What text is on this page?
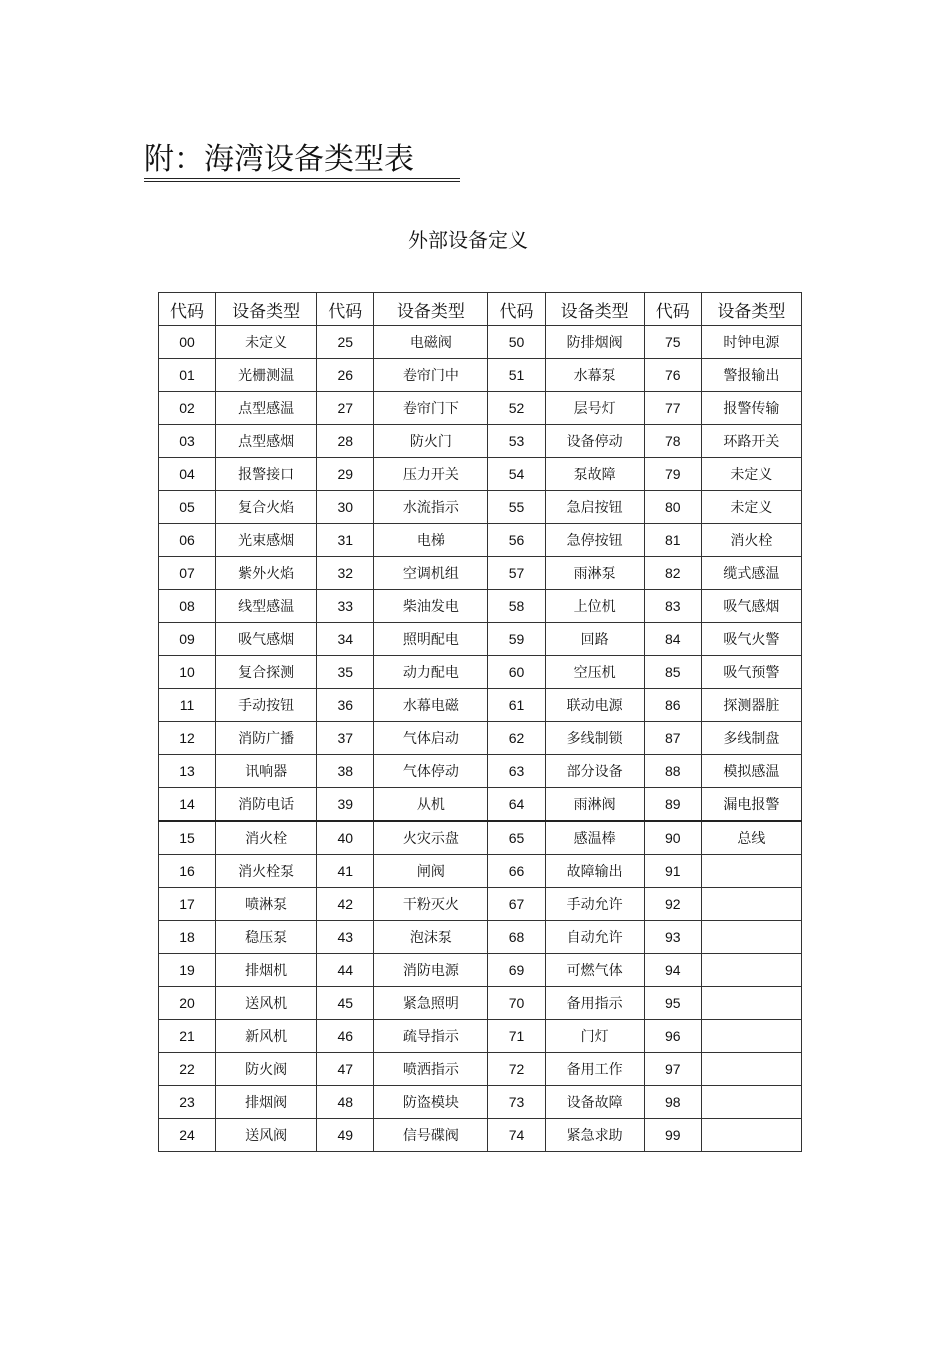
附：海湾设备类型表
外部设备定义
代码	设备类型	代码	设备类型	代码	设备类型	代码	设备类型
00	未定义	25	电磁阀	50	防排烟阀	75	时钟电源
01	光栅测温	26	卷帘门中	51	水幕泵	76	警报输出
02	点型感温	27	卷帘门下	52	层号灯	77	报警传输
03	点型感烟	28	防火门	53	设备停动	78	环路开关
04	报警接口	29	压力开关	54	泵故障	79	未定义
05	复合火焰	30	水流指示	55	急启按钮	80	未定义
06	光束感烟	31	电梯	56	急停按钮	81	消火栓
07	紫外火焰	32	空调机组	57	雨淋泵	82	缆式感温
08	线型感温	33	柴油发电	58	上位机	83	吸气感烟
09	吸气感烟	34	照明配电	59	回路	84	吸气火警
10	复合探测	35	动力配电	60	空压机	85	吸气预警
11	手动按钮	36	水幕电磁	61	联动电源	86	探测器脏
12	消防广播	37	气体启动	62	多线制锁	87	多线制盘
13	讯响器	38	气体停动	63	部分设备	88	模拟感温
14	消防电话	39	从机	64	雨淋阀	89	漏电报警
15	消火栓	40	火灾示盘	65	感温棒	90	总线
16	消火栓泵	41	闸阀	66	故障输出	91	
17	喷淋泵	42	干粉灭火	67	手动允许	92	
18	稳压泵	43	泡沫泵	68	自动允许	93	
19	排烟机	44	消防电源	69	可燃气体	94	
20	送风机	45	紧急照明	70	备用指示	95	
21	新风机	46	疏导指示	71	门灯	96	
22	防火阀	47	喷洒指示	72	备用工作	97	
23	排烟阀	48	防盗模块	73	设备故障	98	
24	送风阀	49	信号碟阀	74	紧急求助	99	
